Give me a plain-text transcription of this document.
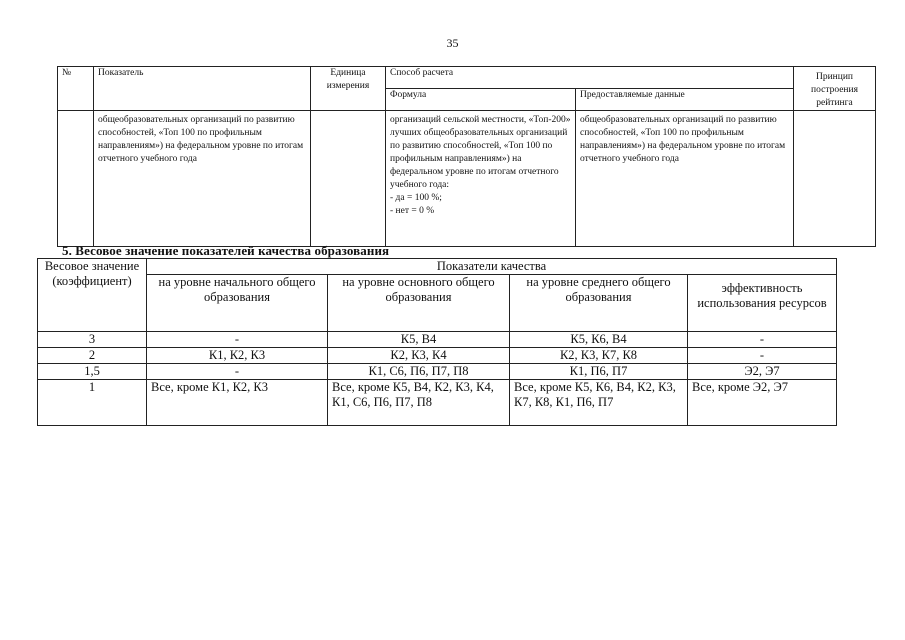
35
№	Показатель	Единица измерения	Способ расчета		Принцип построения рейтинга
			Формула	Предоставляемые данные	
	общеобразовательных организаций по развитию способностей, «Топ 100 по профильным направлениям») на федеральном уровне по итогам отчетного учебного года		организаций сельской местности, «Топ-200» лучших общеобразовательных организаций по развитию способностей, «Топ 100 по профильным направлениям») на федеральном уровне по итогам отчетного учебного года:
- да = 100 %;
- нет = 0 %	общеобразовательных организаций по развитию способностей, «Топ 100 по профильным направлениям») на федеральном уровне по итогам отчетного учебного года	
5. Весовое значение показателей качества образования
Весовое значение (коэффициент)	Показатели качества			
	на уровне начального общего образования	на уровне основного общего образования	на уровне среднего общего образования	эффективность использования ресурсов
3	-	К5, В4	К5, К6, В4	-
2	К1, К2, К3	К2, К3, К4	К2, К3, К7, К8	-
1,5	-	К1, С6, П6, П7, П8	К1, П6, П7	Э2, Э7
1	Все, кроме К1, К2, К3	Все, кроме К5, В4, К2, К3, К4, К1, С6, П6, П7, П8	Все, кроме К5, К6, В4, К2, К3, К7, К8, К1, П6, П7	Все, кроме Э2, Э7
